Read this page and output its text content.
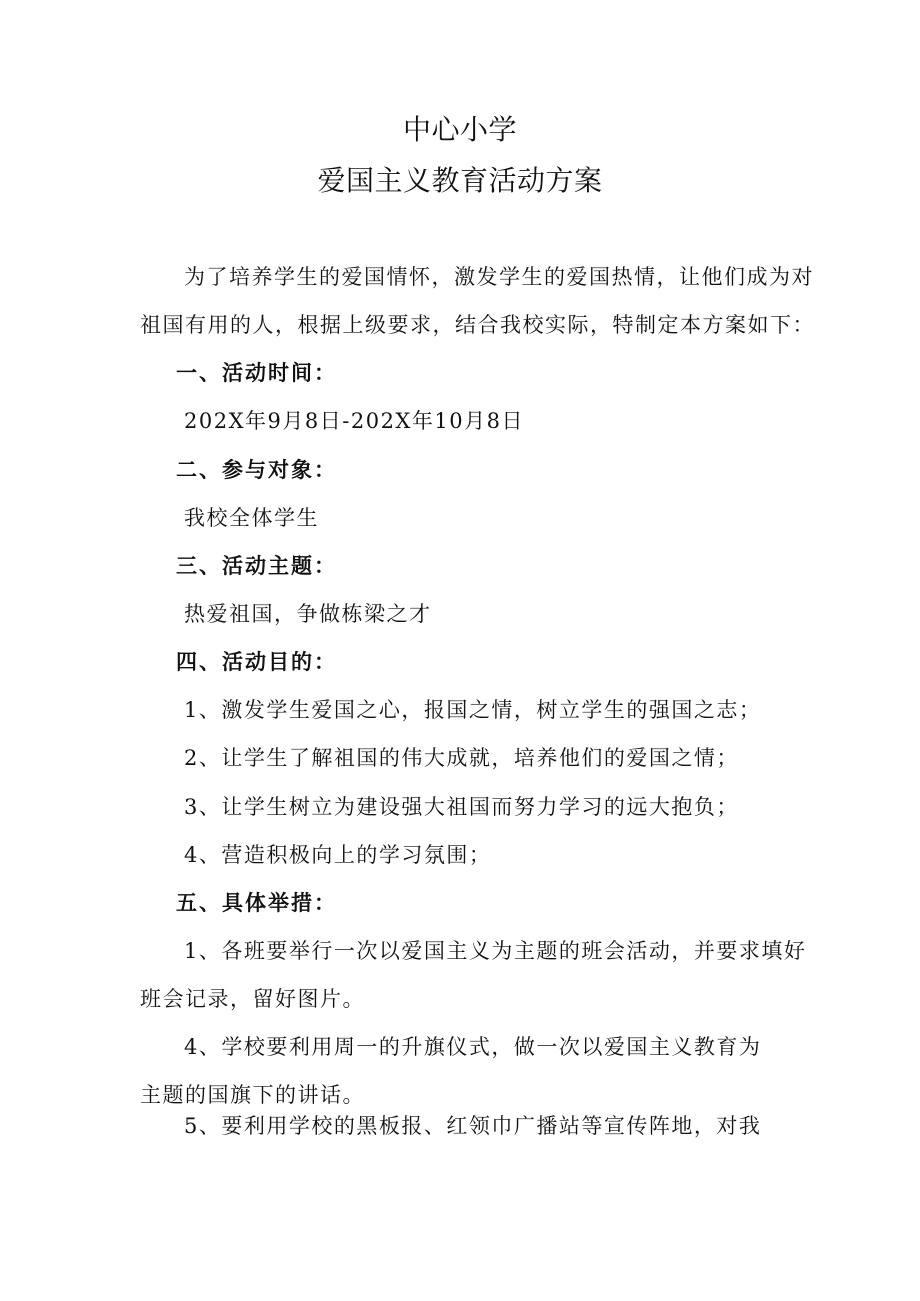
中心小学
爱国主义教育活动方案
为了培养学生的爱国情怀，激发学生的爱国热情，让他们成为对
祖国有用的人，根据上级要求，结合我校实际，特制定本方案如下：
一、活动时间：
202X年9月8日-202X年10月8日
二、参与对象：
我校全体学生
三、活动主题：
热爱祖国，争做栋梁之才
四、活动目的：
1、激发学生爱国之心，报国之情，树立学生的强国之志；
2、让学生了解祖国的伟大成就，培养他们的爱国之情；
3、让学生树立为建设强大祖国而努力学习的远大抱负；
4、营造积极向上的学习氛围；
五、具体举措：
1、各班要举行一次以爱国主义为主题的班会活动，并要求填好
班会记录，留好图片。
4、学校要利用周一的升旗仪式，做一次以爱国主义教育为
主题的国旗下的讲话。
5、要利用学校的黑板报、红领巾广播站等宣传阵地，对我
